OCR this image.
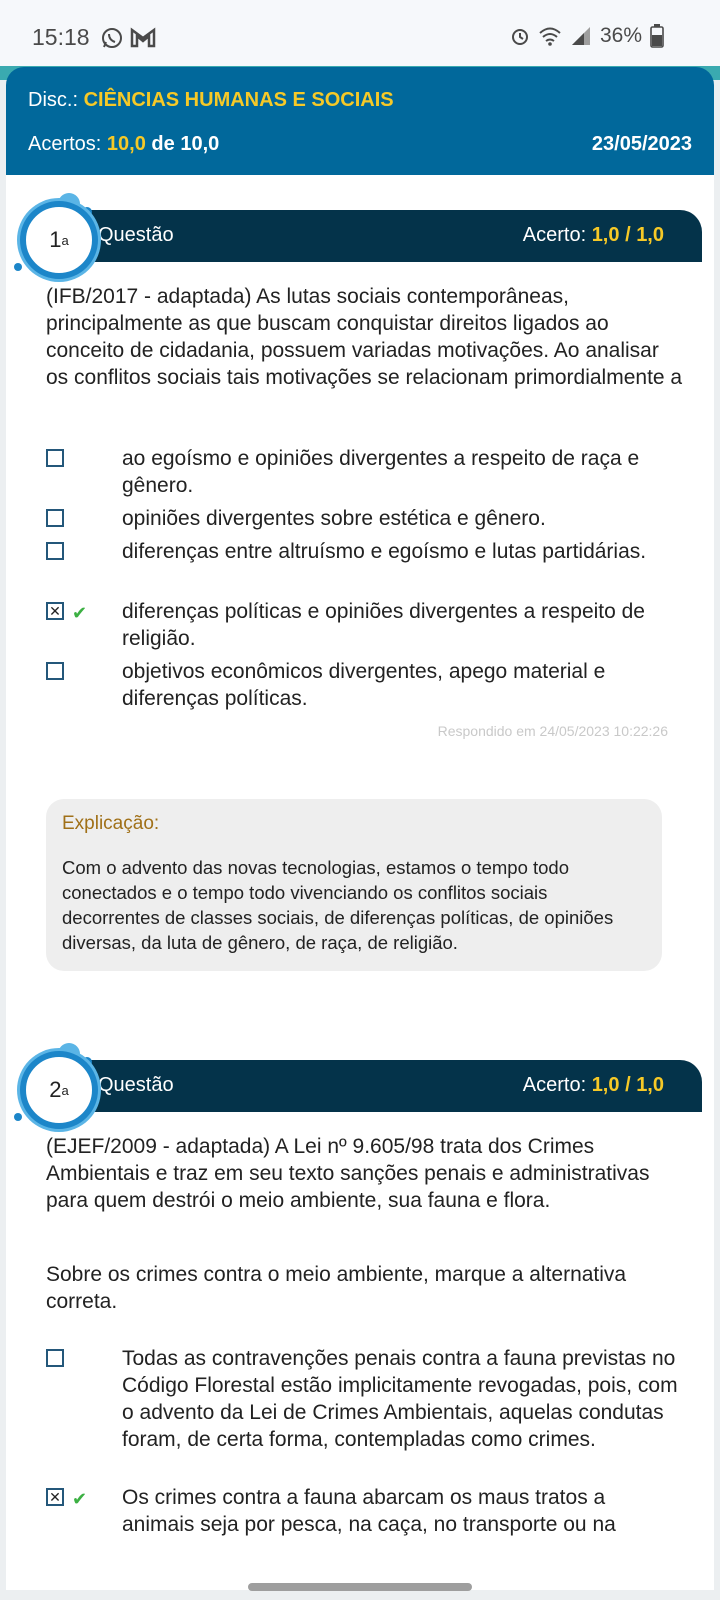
15:18	36%
Disc.: CIÊNCIAS HUMANAS E SOCIAIS
Acertos: 10,0 de 10,0	23/05/2023
Questão	Acerto: 1,0 / 1,0
1 a
(IFB/2017 - adaptada) As lutas sociais contemporâneas, principalmente as que buscam conquistar direitos ligados ao conceito de cidadania, possuem variadas motivações. Ao analisar os conflitos sociais tais motivações se relacionam primordialmente a
ao egoísmo e opiniões divergentes a respeito de raça e gênero.
opiniões divergentes sobre estética e gênero.
diferenças entre altruísmo e egoísmo e lutas partidárias.
✕ ✔ diferenças políticas e opiniões divergentes a respeito de religião.
objetivos econômicos divergentes, apego material e diferenças políticas.
Respondido em 24/05/2023 10:22:26
Explicação:
Com o advento das novas tecnologias, estamos o tempo todo conectados e o tempo todo vivenciando os conflitos sociais decorrentes de classes sociais, de diferenças políticas, de opiniões diversas, da luta de gênero, de raça, de religião.
Questão	Acerto: 1,0 / 1,0
2 a
(EJEF/2009 - adaptada) A Lei nº 9.605/98 trata dos Crimes Ambientais e traz em seu texto sanções penais e administrativas para quem destrói o meio ambiente, sua fauna e flora.
Sobre os crimes contra o meio ambiente, marque a alternativa correta.
Todas as contravenções penais contra a fauna previstas no Código Florestal estão implicitamente revogadas, pois, com o advento da Lei de Crimes Ambientais, aquelas condutas foram, de certa forma, contempladas como crimes.
✕ ✔ Os crimes contra a fauna abarcam os maus tratos a animais seja por pesca, na caça, no transporte ou na
